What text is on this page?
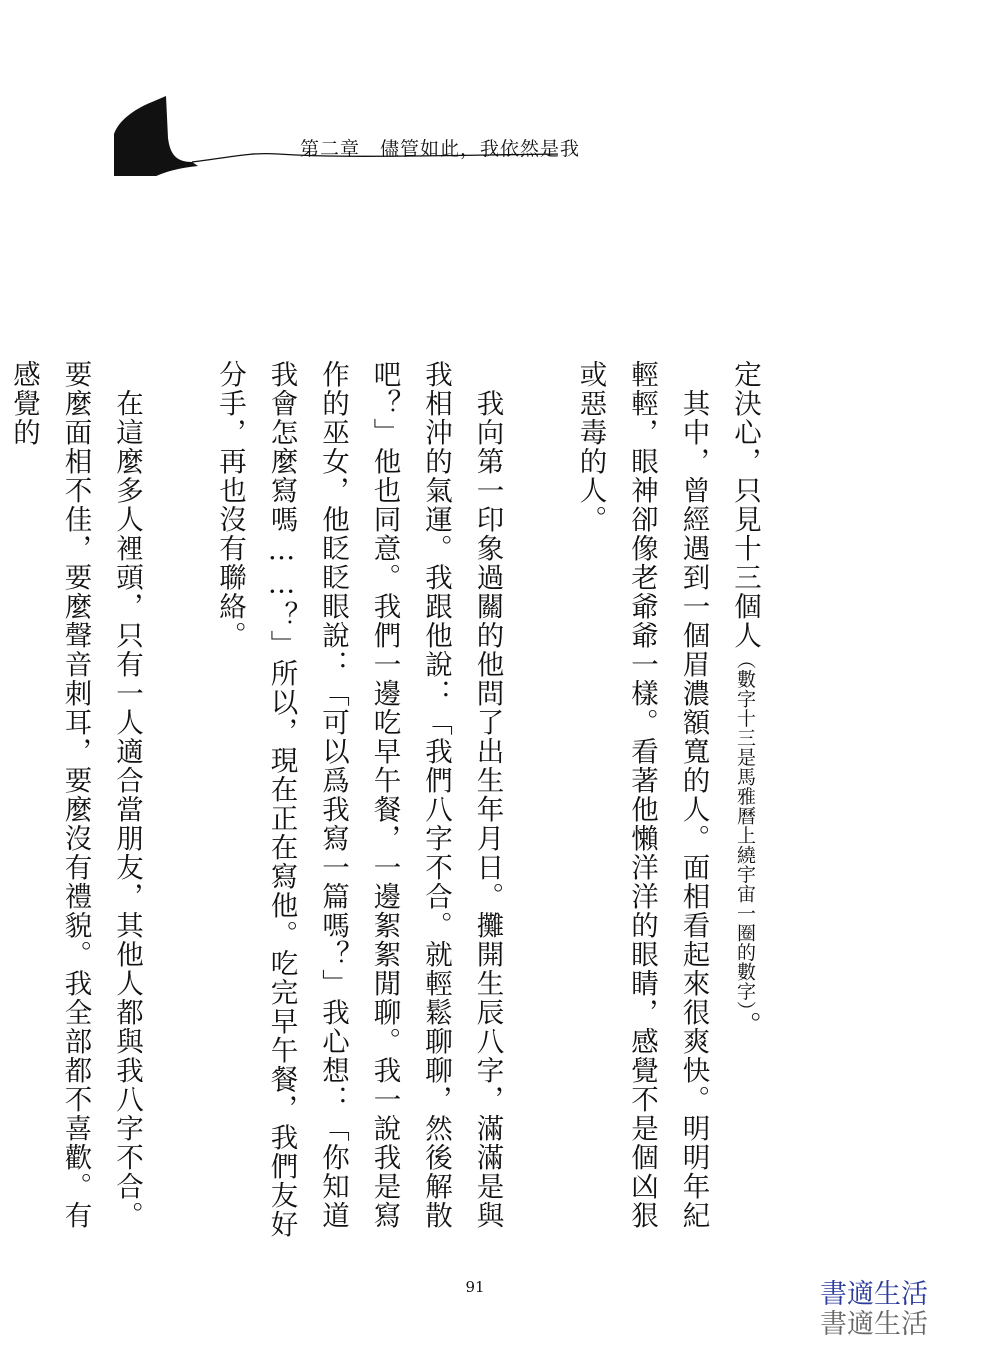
第二章　儘管如此，我依然是我

定決心，只見十三個人（數字十三是馬雅曆上繞宇宙一圈的數字）。

　其中，曾經遇到一個眉濃額寬的人。面相看起來很爽快。明明年紀輕輕，眼神卻像老爺爺一樣。看著他懶洋洋的眼睛，感覺不是個凶狠或惡毒的人。

　我向第一印象過關的他問了出生年月日。攤開生辰八字，滿滿是與我相沖的氣運。我跟他說：「我們八字不合。就輕鬆聊聊，然後解散吧？」他也同意。我們一邊吃早午餐，一邊絮絮閒聊。我一說我是寫作的巫女，他眨眨眼說：「可以爲我寫一篇嗎？」我心想：「你知道我會怎麼寫嗎……？」所以，現在正在寫他。吃完早午餐，我們友好分手，再也沒有聯絡。

　在這麼多人裡頭，只有一人適合當朋友，其他人都與我八字不合。要麼面相不佳，要麼聲音刺耳，要麼沒有禮貌。我全部都不喜歡。有感覺的

91	書適生活
書適生活
